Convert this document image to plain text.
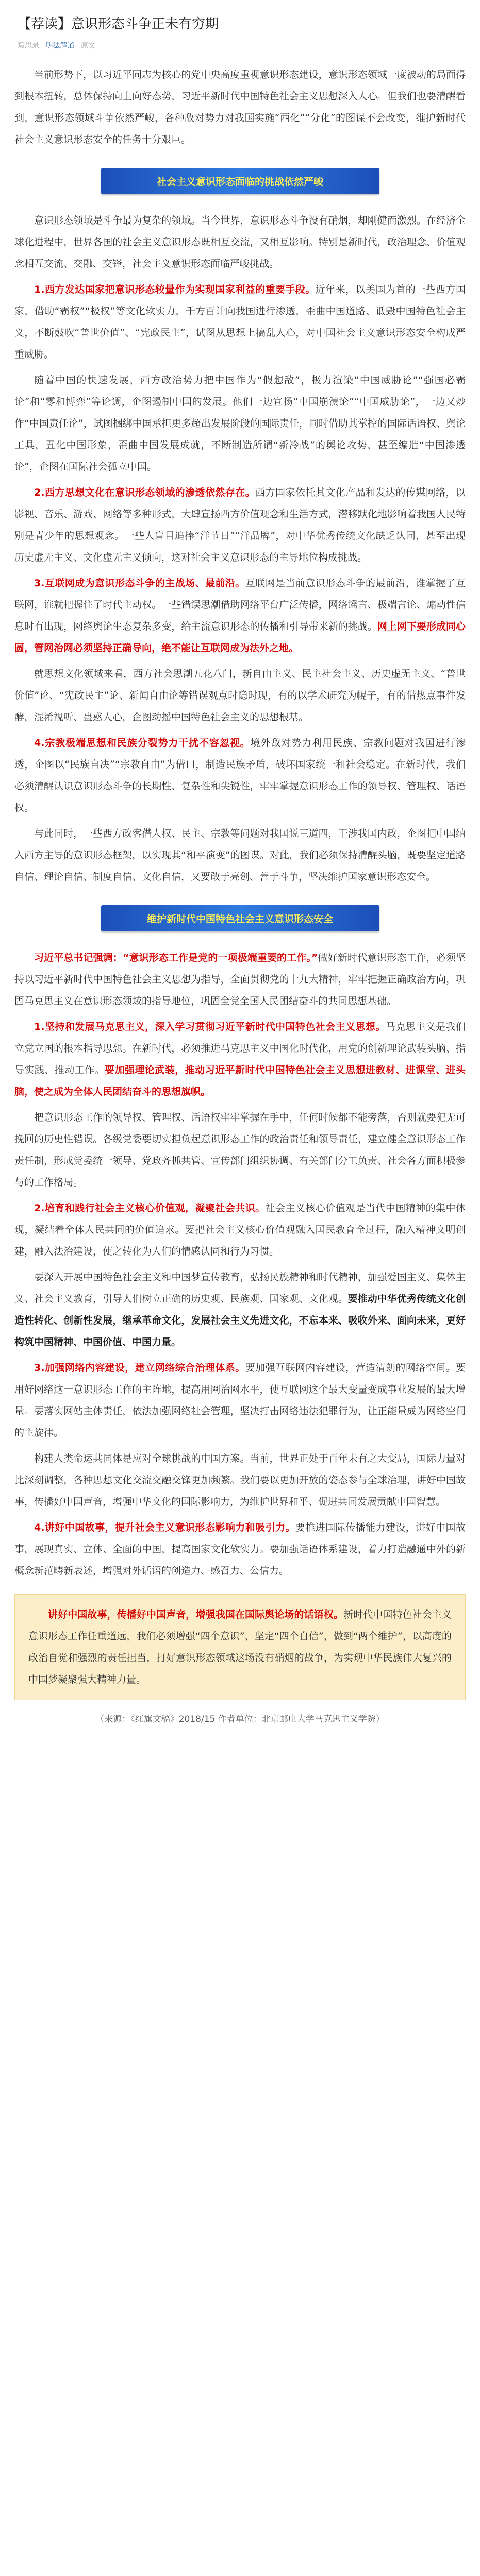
【荐读】意识形态斗争正未有穷期
寰思录 明法解道 原文

当前形势下，以习近平同志为核心的党中央高度重视意识形态建设，意识形态领域一度被动的局面得到根本扭转，总体保持向上向好态势，习近平新时代中国特色社会主义思想深入人心。但我们也要清醒看到，意识形态领域斗争依然严峻，各种敌对势力对我国实施“西化”“分化”的图谋不会改变，维护新时代社会主义意识形态安全的任务十分艰巨。

社会主义意识形态面临的挑战依然严峻

意识形态领域是斗争最为复杂的领域。当今世界，意识形态斗争没有硝烟，却刚健而激烈。在经济全球化进程中，世界各国的社会主义意识形态既相互交流，又相互影响。特别是新时代，政治理念、价值观念相互交流、交融、交锋，社会主义意识形态面临严峻挑战。

1.西方发达国家把意识形态较量作为实现国家利益的重要手段。近年来，以美国为首的一些西方国家，借助“霸权”“极权”等文化软实力，千方百计向我国进行渗透，歪曲中国道路、诋毁中国特色社会主义，不断鼓吹“普世价值”、“宪政民主”，试图从思想上搞乱人心，对中国社会主义意识形态安全构成严重威胁。

随着中国的快速发展，西方政治势力把中国作为“假想敌”，极力渲染“中国威胁论”“强国必霸论”和“零和博弈”等论调，企图遏制中国的发展。他们一边宣扬“中国崩溃论”“中国威胁论”，一边又炒作“中国责任论”，试图捆绑中国承担更多超出发展阶段的国际责任，同时借助其掌控的国际话语权、舆论工具，丑化中国形象，歪曲中国发展成就，不断制造所谓“新冷战”的舆论攻势，甚至编造“中国渗透论”，企图在国际社会孤立中国。

2.西方思想文化在意识形态领域的渗透依然存在。西方国家依托其文化产品和发达的传媒网络，以影视、音乐、游戏、网络等多种形式，大肆宣扬西方价值观念和生活方式，潜移默化地影响着我国人民特别是青少年的思想观念。一些人盲目追捧“洋节日”“洋品牌”，对中华优秀传统文化缺乏认同，甚至出现历史虚无主义、文化虚无主义倾向，这对社会主义意识形态的主导地位构成挑战。

3.互联网成为意识形态斗争的主战场、最前沿。互联网是当前意识形态斗争的最前沿，谁掌握了互联网，谁就把握住了时代主动权。一些错误思潮借助网络平台广泛传播，网络谣言、极端言论、煽动性信息时有出现，网络舆论生态复杂多变，给主流意识形态的传播和引导带来新的挑战。网上网下要形成同心圆，管网治网必须坚持正确导向，绝不能让互联网成为法外之地。

就思想文化领域来看，西方社会思潮五花八门，新自由主义、民主社会主义、历史虚无主义、“普世价值”论、“宪政民主”论、新闻自由论等错误观点时隐时现，有的以学术研究为幌子，有的借热点事件发酵，混淆视听、蛊惑人心，企图动摇中国特色社会主义的思想根基。

4.宗教极端思想和民族分裂势力干扰不容忽视。境外敌对势力利用民族、宗教问题对我国进行渗透，企图以“民族自决”“宗教自由”为借口，制造民族矛盾，破坏国家统一和社会稳定。在新时代，我们必须清醒认识意识形态斗争的长期性、复杂性和尖锐性，牢牢掌握意识形态工作的领导权、管理权、话语权。

与此同时，一些西方政客借人权、民主、宗教等问题对我国说三道四，干涉我国内政，企图把中国纳入西方主导的意识形态框架，以实现其“和平演变”的图谋。对此，我们必须保持清醒头脑，既要坚定道路自信、理论自信、制度自信、文化自信，又要敢于亮剑、善于斗争，坚决维护国家意识形态安全。

维护新时代中国特色社会主义意识形态安全

习近平总书记强调：“意识形态工作是党的一项极端重要的工作。”做好新时代意识形态工作，必须坚持以习近平新时代中国特色社会主义思想为指导，全面贯彻党的十九大精神，牢牢把握正确政治方向，巩固马克思主义在意识形态领域的指导地位，巩固全党全国人民团结奋斗的共同思想基础。

1.坚持和发展马克思主义，深入学习贯彻习近平新时代中国特色社会主义思想。马克思主义是我们立党立国的根本指导思想。在新时代，必须推进马克思主义中国化时代化，用党的创新理论武装头脑、指导实践、推动工作。要加强理论武装，推动习近平新时代中国特色社会主义思想进教材、进课堂、进头脑，使之成为全体人民团结奋斗的思想旗帜。

把意识形态工作的领导权、管理权、话语权牢牢掌握在手中，任何时候都不能旁落，否则就要犯无可挽回的历史性错误。各级党委要切实担负起意识形态工作的政治责任和领导责任，建立健全意识形态工作责任制，形成党委统一领导、党政齐抓共管、宣传部门组织协调、有关部门分工负责、社会各方面积极参与的工作格局。

2.培育和践行社会主义核心价值观，凝聚社会共识。社会主义核心价值观是当代中国精神的集中体现，凝结着全体人民共同的价值追求。要把社会主义核心价值观融入国民教育全过程，融入精神文明创建，融入法治建设，使之转化为人们的情感认同和行为习惯。

要深入开展中国特色社会主义和中国梦宣传教育，弘扬民族精神和时代精神，加强爱国主义、集体主义、社会主义教育，引导人们树立正确的历史观、民族观、国家观、文化观。要推动中华优秀传统文化创造性转化、创新性发展，继承革命文化，发展社会主义先进文化，不忘本来、吸收外来、面向未来，更好构筑中国精神、中国价值、中国力量。

3.加强网络内容建设，建立网络综合治理体系。要加强互联网内容建设，营造清朗的网络空间。要用好网络这一意识形态工作的主阵地，提高用网治网水平，使互联网这个最大变量变成事业发展的最大增量。要落实网站主体责任，依法加强网络社会管理，坚决打击网络违法犯罪行为，让正能量成为网络空间的主旋律。

构建人类命运共同体是应对全球挑战的中国方案。当前，世界正处于百年未有之大变局，国际力量对比深刻调整，各种思想文化交流交融交锋更加频繁。我们要以更加开放的姿态参与全球治理，讲好中国故事，传播好中国声音，增强中华文化的国际影响力，为维护世界和平、促进共同发展贡献中国智慧。

4.讲好中国故事，提升社会主义意识形态影响力和吸引力。要推进国际传播能力建设，讲好中国故事，展现真实、立体、全面的中国，提高国家文化软实力。要加强话语体系建设，着力打造融通中外的新概念新范畴新表述，增强对外话语的创造力、感召力、公信力。

讲好中国故事，传播好中国声音，增强我国在国际舆论场的话语权。新时代中国特色社会主义意识形态工作任重道远，我们必须增强“四个意识”，坚定“四个自信”，做到“两个维护”，以高度的政治自觉和强烈的责任担当，打好意识形态领域这场没有硝烟的战争，为实现中华民族伟大复兴的中国梦凝聚强大精神力量。

（来源：《红旗文稿》2018/15 作者单位：北京邮电大学马克思主义学院）
